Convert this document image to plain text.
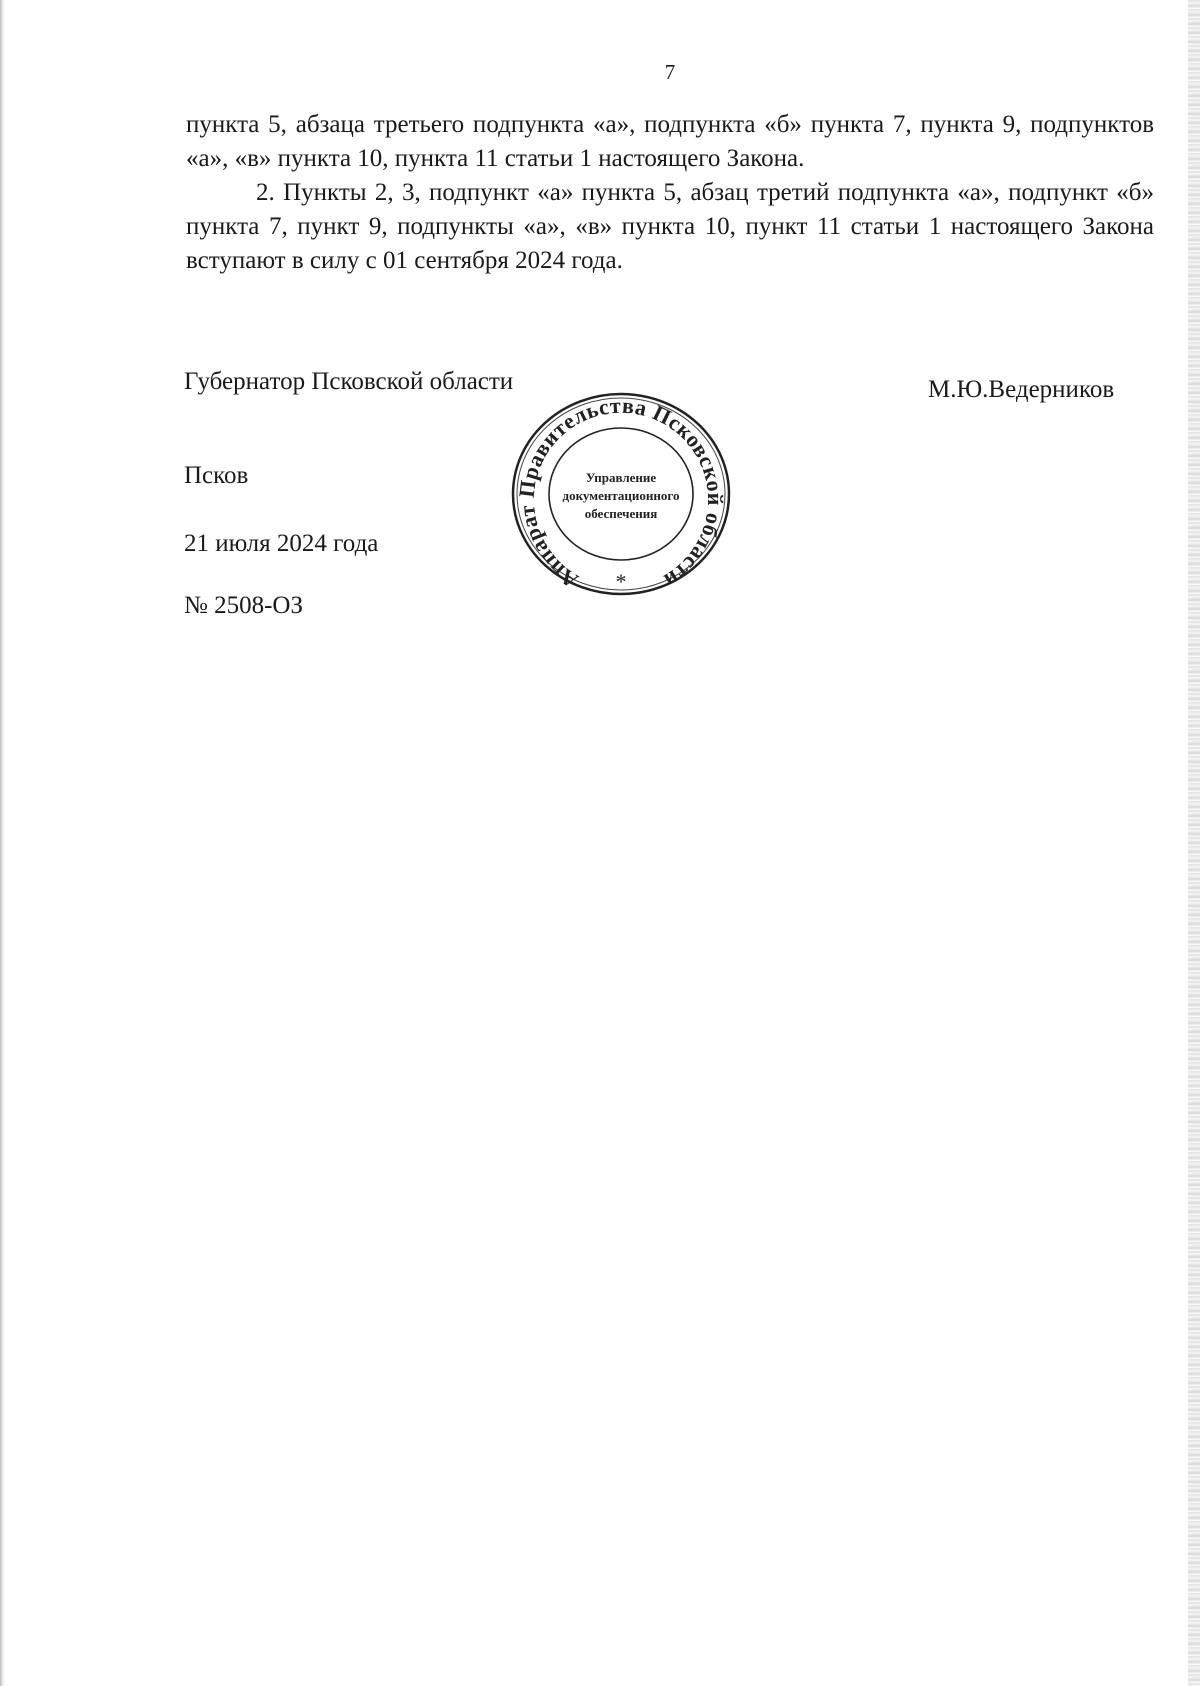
7

пункта 5, абзаца третьего подпункта «а», подпункта «б» пункта 7, пункта 9, подпунктов «а», «в» пункта 10, пункта 11 статьи 1 настоящего Закона.

2. Пункты 2, 3, подпункт «а» пункта 5, абзац третий подпункта «а», подпункт «б» пункта 7, пункт 9, подпункты «а», «в» пункта 10, пункт 11 статьи 1 настоящего Закона вступают в силу с 01 сентября 2024 года.

Губернатор Псковской области	М.Ю.Ведерников
Аппарат Правительства Псковской области
Управление
документационного
обеспечения
*
Псков
21 июля 2024 года
№ 2508-ОЗ
